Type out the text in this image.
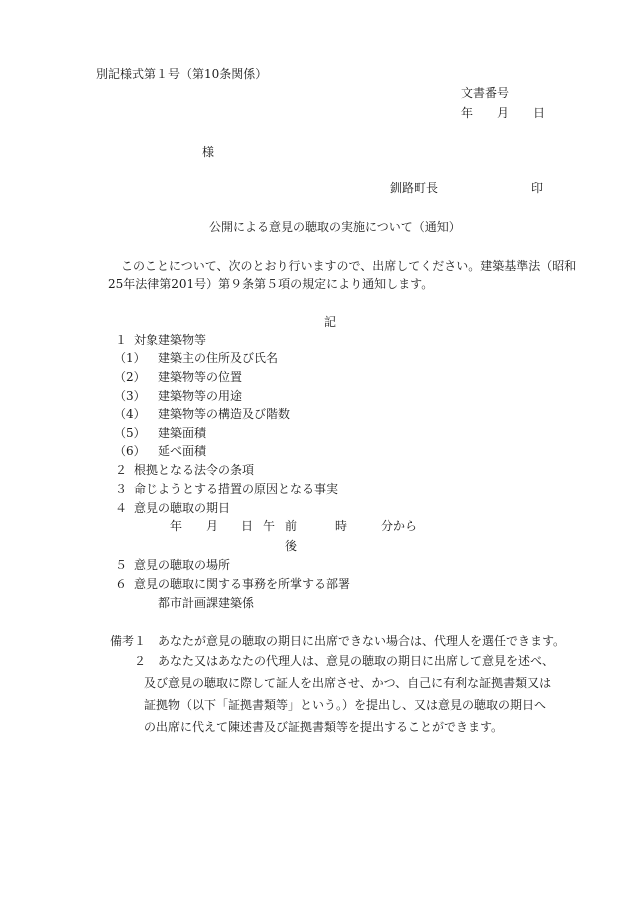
別記様式第１号（第10条関係）
文書番号
年 月 日
様
釧路町長	印
公開による意見の聴取の実施について（通知）
このことについて、次のとおり行いますので、出席してください。建築基準法（昭和
25年法律第201号）第９条第５項の規定により通知します。
記
１ 対象建築物等
（1） 建築主の住所及び氏名
（2） 建築物等の位置
（3） 建築物等の用途
（4） 建築物等の構造及び階数
（5） 建築面積
（6） 延べ面積
２ 根拠となる法令の条項
３ 命じようとする措置の原因となる事実
４ 意見の聴取の期日
年 月 日 午 前	時	分から
後
５ 意見の聴取の場所
６ 意見の聴取に関する事務を所掌する部署
都市計画課建築係
備考１ あなたが意見の聴取の期日に出席できない場合は、代理人を選任できます。
２ あなた又はあなたの代理人は、意見の聴取の期日に出席して意見を述べ、及び意見の聴取に際して証人を出席させ、かつ、自己に有利な証拠書類又は証拠物（以下「証拠書類等」という。）を提出し、又は意見の聴取の期日への出席に代えて陳述書及び証拠書類等を提出することができます。
